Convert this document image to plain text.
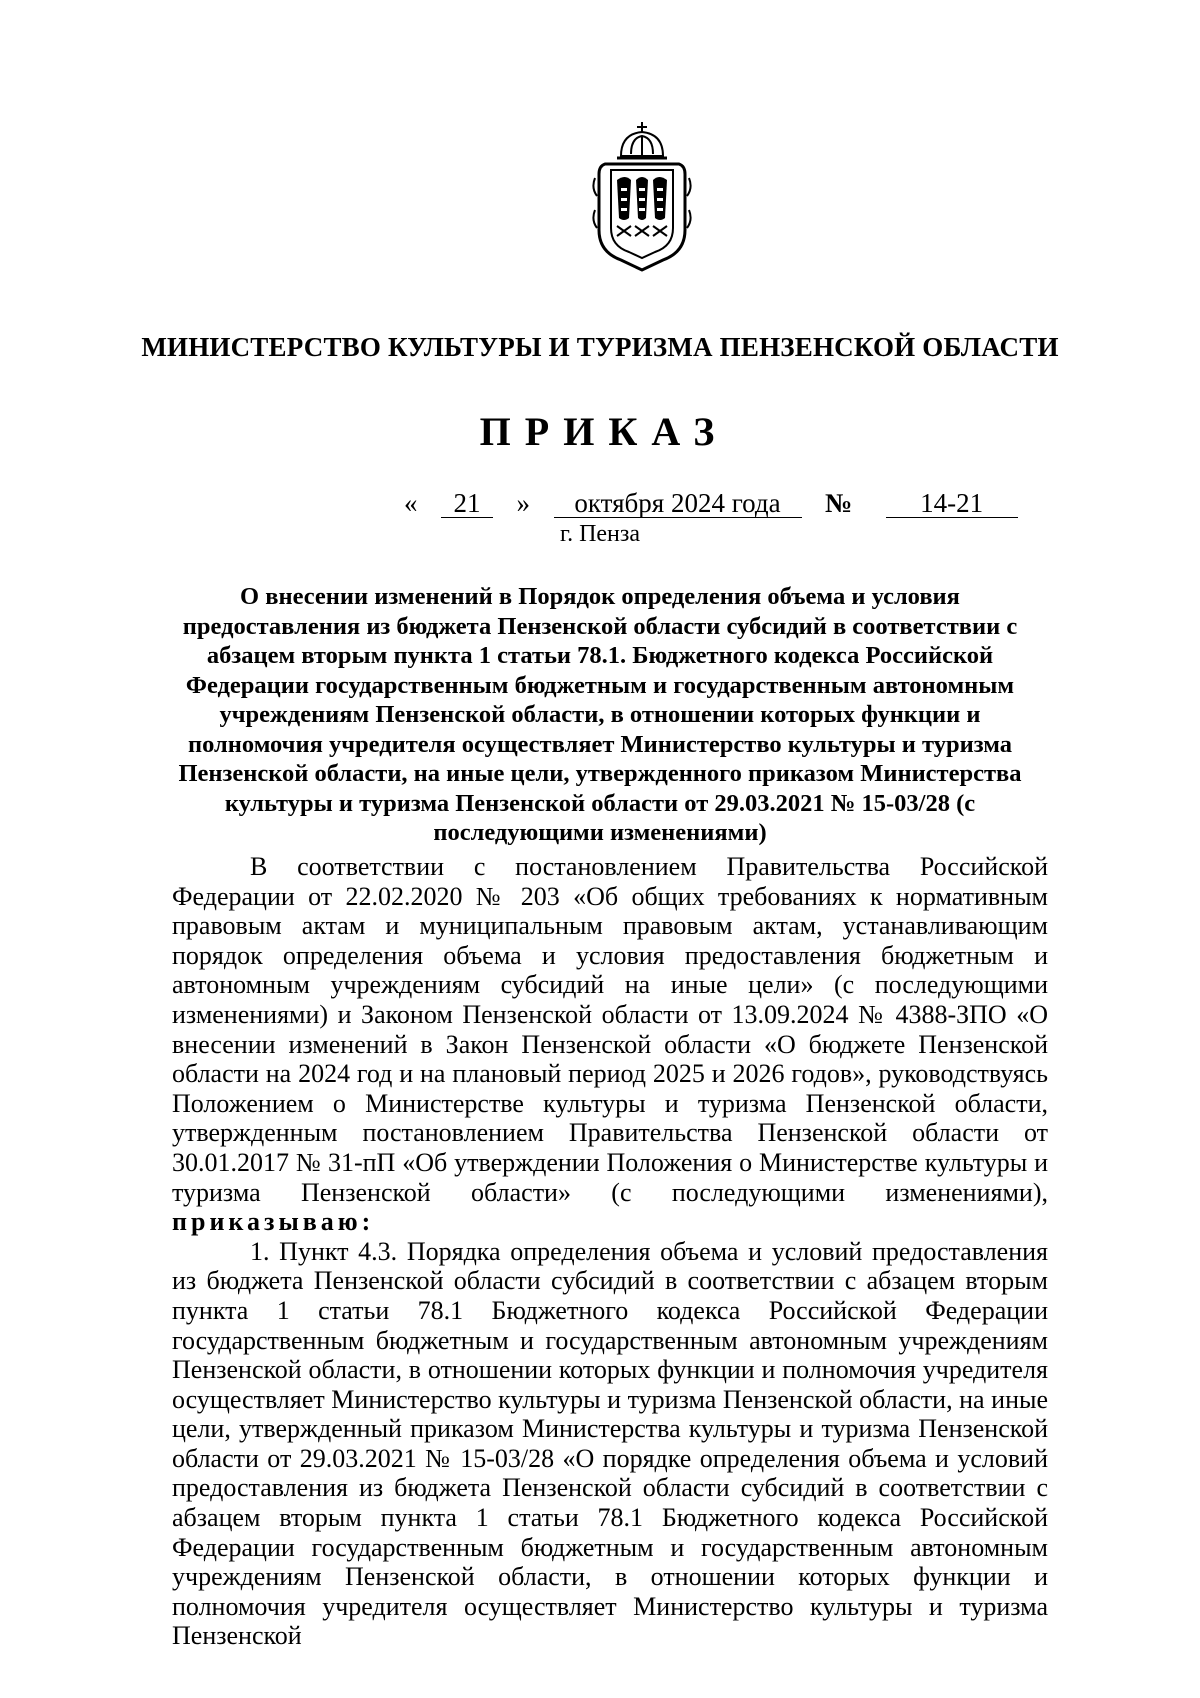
МИНИСТЕРСТВО КУЛЬТУРЫ И ТУРИЗМА ПЕНЗЕНСКОЙ ОБЛАСТИ
ПРИКАЗ
« 21 » октября 2024 года №	14-21
г. Пенза
О внесении изменений в Порядок определения объема и условия предоставления из бюджета Пензенской области субсидий в соответствии с абзацем вторым пункта 1 статьи 78.1. Бюджетного кодекса Российской Федерации государственным бюджетным и государственным автономным учреждениям Пензенской области, в отношении которых функции и полномочия учредителя осуществляет Министерство культуры и туризма Пензенской области, на иные цели, утвержденного приказом Министерства культуры и туризма Пензенской области от 29.03.2021 № 15-03/28 (с последующими изменениями)

В соответствии с постановлением Правительства Российской Федерации от 22.02.2020 № 203 «Об общих требованиях к нормативным правовым актам и муниципальным правовым актам, устанавливающим порядок определения объема и условия предоставления бюджетным и автономным учреждениям субсидий на иные цели» (с последующими изменениями) и Законом Пензенской области от 13.09.2024 № 4388-ЗПО «О внесении изменений в Закон Пензенской области «О бюджете Пензенской области на 2024 год и на плановый период 2025 и 2026 годов», руководствуясь Положением о Министерстве культуры и туризма Пензенской области, утвержденным постановлением Правительства Пензенской области от 30.01.2017 № 31-пП «Об утверждении Положения о Министерстве культуры и туризма Пензенской области» (с последующими изменениями), приказываю:

1. Пункт 4.3. Порядка определения объема и условий предоставления из бюджета Пензенской области субсидий в соответствии с абзацем вторым пункта 1 статьи 78.1 Бюджетного кодекса Российской Федерации государственным бюджетным и государственным автономным учреждениям Пензенской области, в отношении которых функции и полномочия учредителя осуществляет Министерство культуры и туризма Пензенской области, на иные цели, утвержденный приказом Министерства культуры и туризма Пензенской области от 29.03.2021 № 15-03/28 «О порядке определения объема и условий предоставления из бюджета Пензенской области субсидий в соответствии с абзацем вторым пункта 1 статьи 78.1 Бюджетного кодекса Российской Федерации государственным бюджетным и государственным автономным учреждениям Пензенской области, в отношении которых функции и полномочия учредителя осуществляет Министерство культуры и туризма Пензенской
